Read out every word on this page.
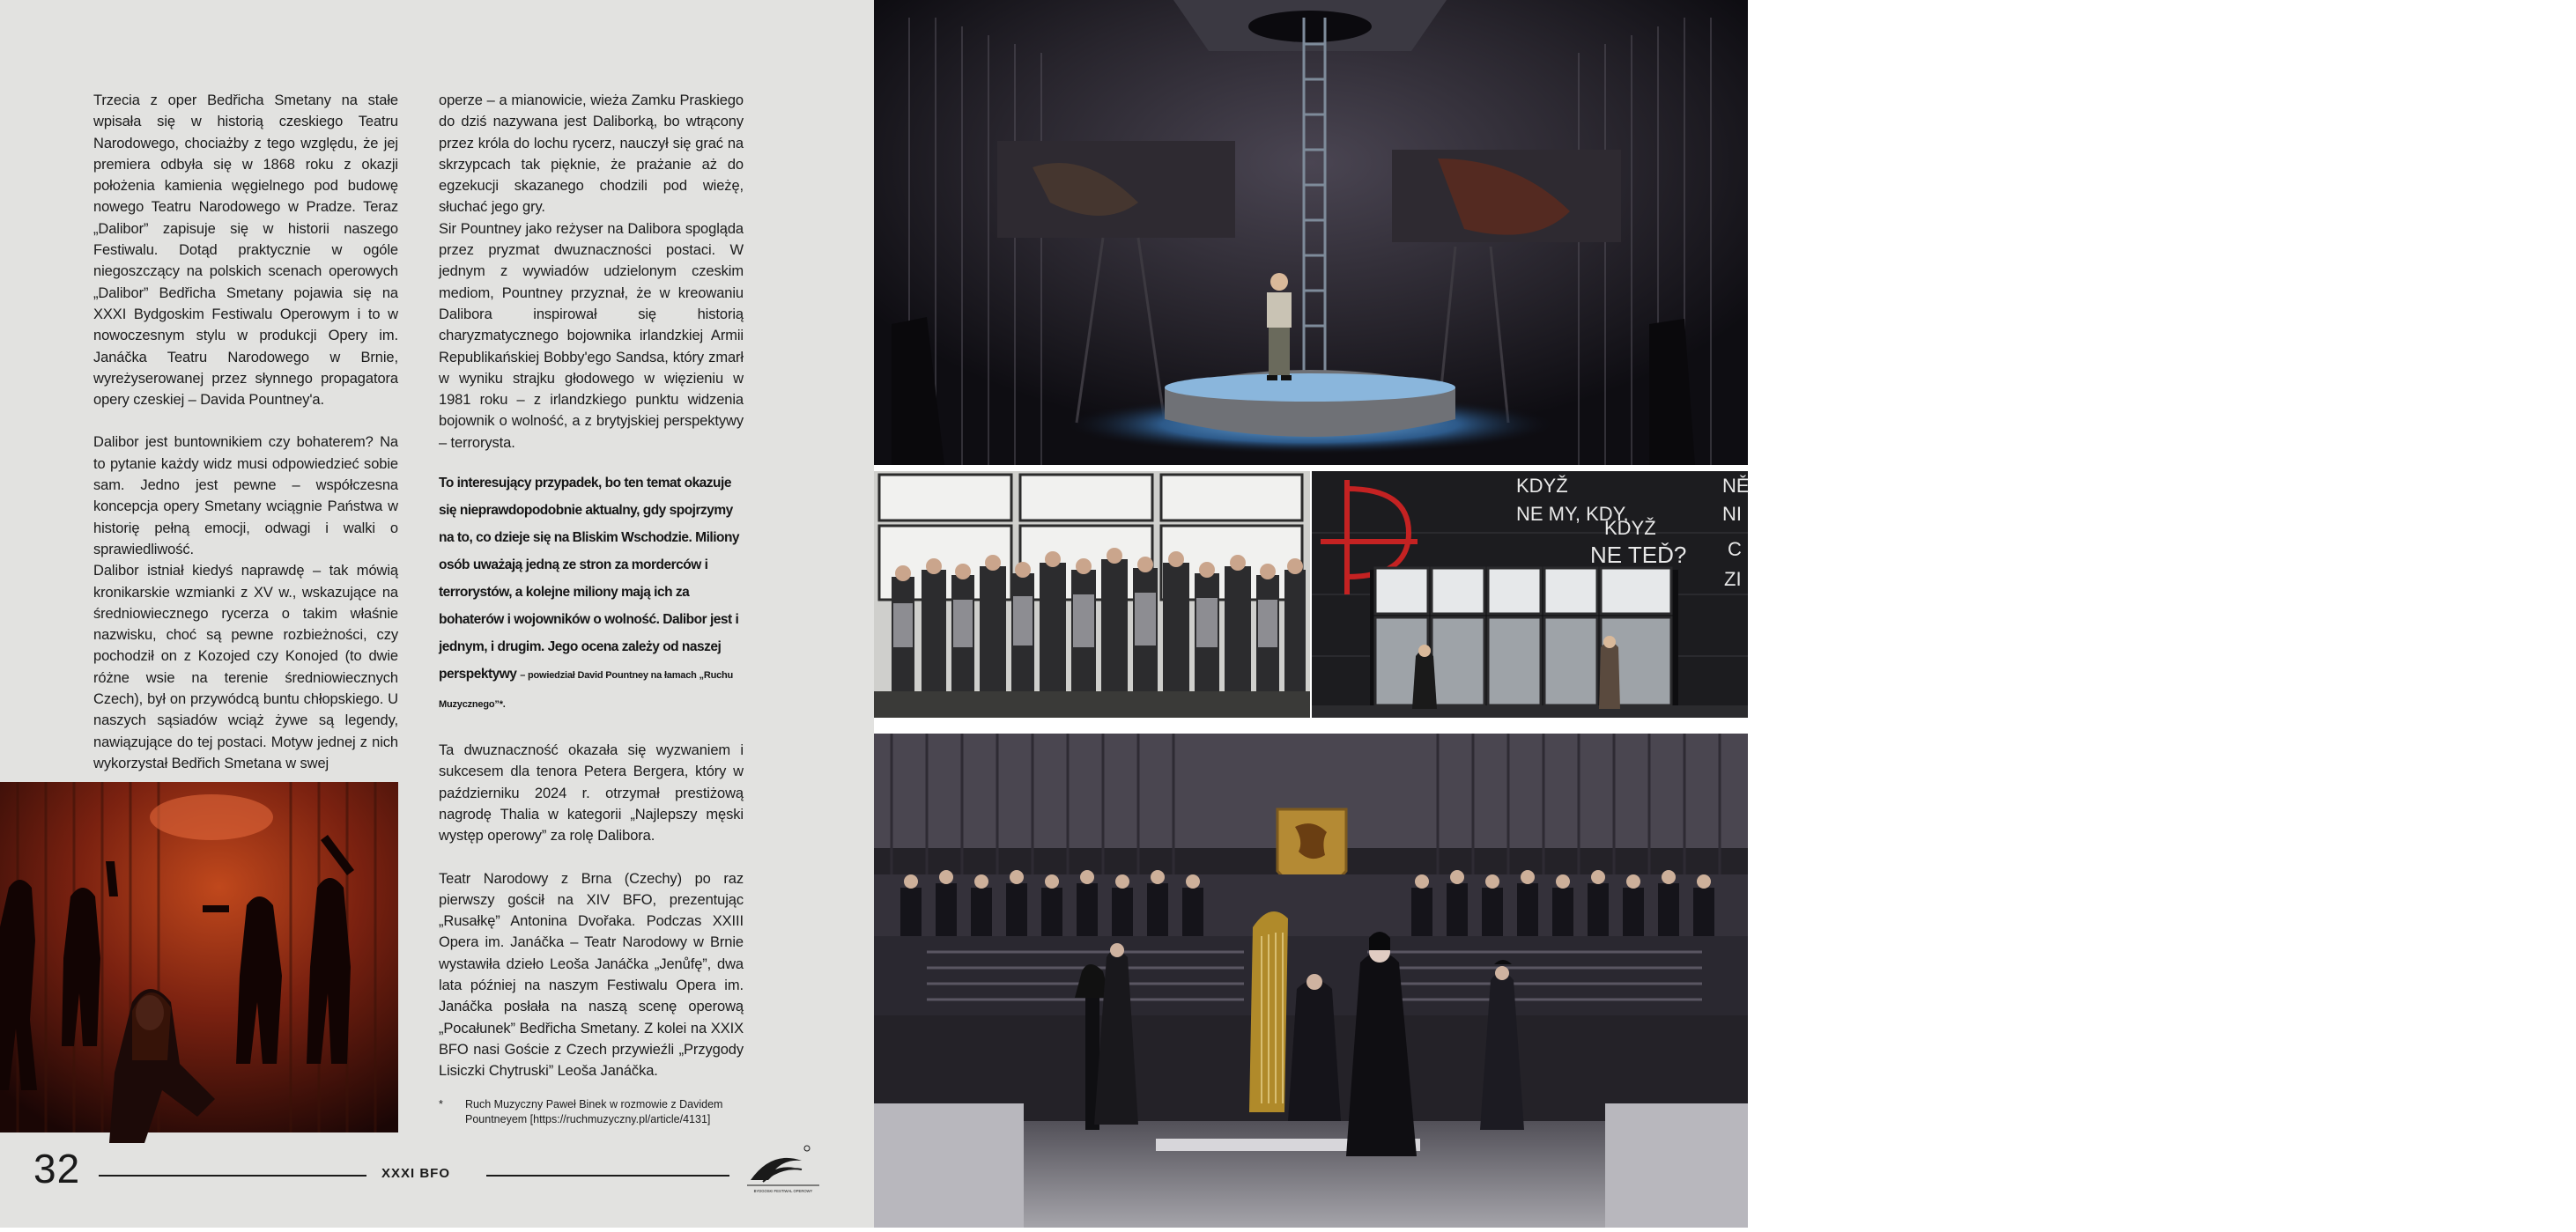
Trzecia z oper Bedřicha Smetany na stałe wpisała się w historią czeskiego Teatru Narodowego, chociażby z tego względu, że jej premiera odbyła się w 1868 roku z okazji położenia kamienia węgielnego pod budowę nowego Teatru Narodowego w Pradze. Teraz „Dalibor” zapisuje się w historii naszego Festiwalu. Dotąd praktycznie w ogóle niegoszczący na polskich scenach operowych „Dalibor” Bedřicha Smetany pojawia się na XXXI Bydgoskim Festiwalu Operowym i to w nowoczesnym stylu w produkcji Opery im. Janáčka Teatru Narodowego w Brnie, wyreżyserowanej przez słynnego propagatora opery czeskiej – Davida Pountney'a.

Dalibor jest buntownikiem czy bohaterem? Na to pytanie każdy widz musi odpowiedzieć sobie sam. Jedno jest pewne – współczesna koncepcja opery Smetany wciągnie Państwa w historię pełną emocji, odwagi i walki o sprawiedliwość.

Dalibor istniał kiedyś naprawdę – tak mówią kronikarskie wzmianki z XV w., wskazujące na średniowiecznego rycerza o takim właśnie nazwisku, choć są pewne rozbieżności, czy pochodził on z Kozojed czy Konojed (to dwie różne wsie na terenie średniowiecznych Czech), był on przywódcą buntu chłopskiego. U naszych sąsiadów wciąż żywe są legendy, nawiązujące do tej postaci. Motyw jednej z nich wykorzystał Bedřich Smetana w swej

operze – a mianowicie, wieża Zamku Praskiego do dziś nazywana jest Daliborką, bo wtrącony przez króla do lochu rycerz, nauczył się grać na skrzypcach tak pięknie, że prażanie aż do egzekucji skazanego chodzili pod wieżę, słuchać jego gry.

Sir Pountney jako reżyser na Dalibora spogląda przez pryzmat dwuznaczności postaci. W jednym z wywiadów udzielonym czeskim mediom, Pountney przyznał, że w kreowaniu Dalibora inspirował się historią charyzmatycznego bojownika irlandzkiej Armii Republikańskiej Bobby'ego Sandsa, który zmarł w wyniku strajku głodowego w więzieniu w 1981 roku – z irlandzkiego punktu widzenia bojownik o wolność, a z brytyjskiej perspektywy – terrorysta.

To interesujący przypadek, bo ten temat okazuje się nieprawdopodobnie aktualny, gdy spojrzymy na to, co dzieje się na Bliskim Wschodzie. Miliony osób uważają jedną ze stron za morderców i terrorystów, a kolejne miliony mają ich za bohaterów i wojowników o wolność. Dalibor jest i jednym, i drugim. Jego ocena zależy od naszej perspektywy – powiedział David Pountney na łamach „Ruchu Muzycznego”*.

Ta dwuznaczność okazała się wyzwaniem i sukcesem dla tenora Petera Bergera, który w październiku 2024 r. otrzymał prestiżową nagrodę Thalia w kategorii „Najlepszy męski występ operowy” za rolę Dalibora.

Teatr Narodowy z Brna (Czechy) po raz pierwszy gościł na XIV BFO, prezentując „Rusałkę” Antonina Dvořaka. Podczas XXIII Opera im. Janáčka – Teatr Narodowy w Brnie wystawiła dzieło Leoša Janáčka „Jenůfę”, dwa lata później na naszym Festiwalu Opera im. Janáčka posłała na naszą scenę operową „Pocałunek” Bedřicha Smetany. Z kolei na XXIX BFO nasi Goście z Czech przywieźli „Przygody Lisiczki Chytruski” Leoša Janáčka.

* Ruch Muzyczny Paweł Binek w rozmowie z Davidem Pountneyem [https://ruchmuzyczny.pl/article/4131]
32	XXXI BFO
BYDGOSKI FESTIWAL OPEROWY
DALIBOR
KDYŽ
NE MY, KDY,
KDYŽ
NE TEĎ?
NĚ
NI
C
ZI
